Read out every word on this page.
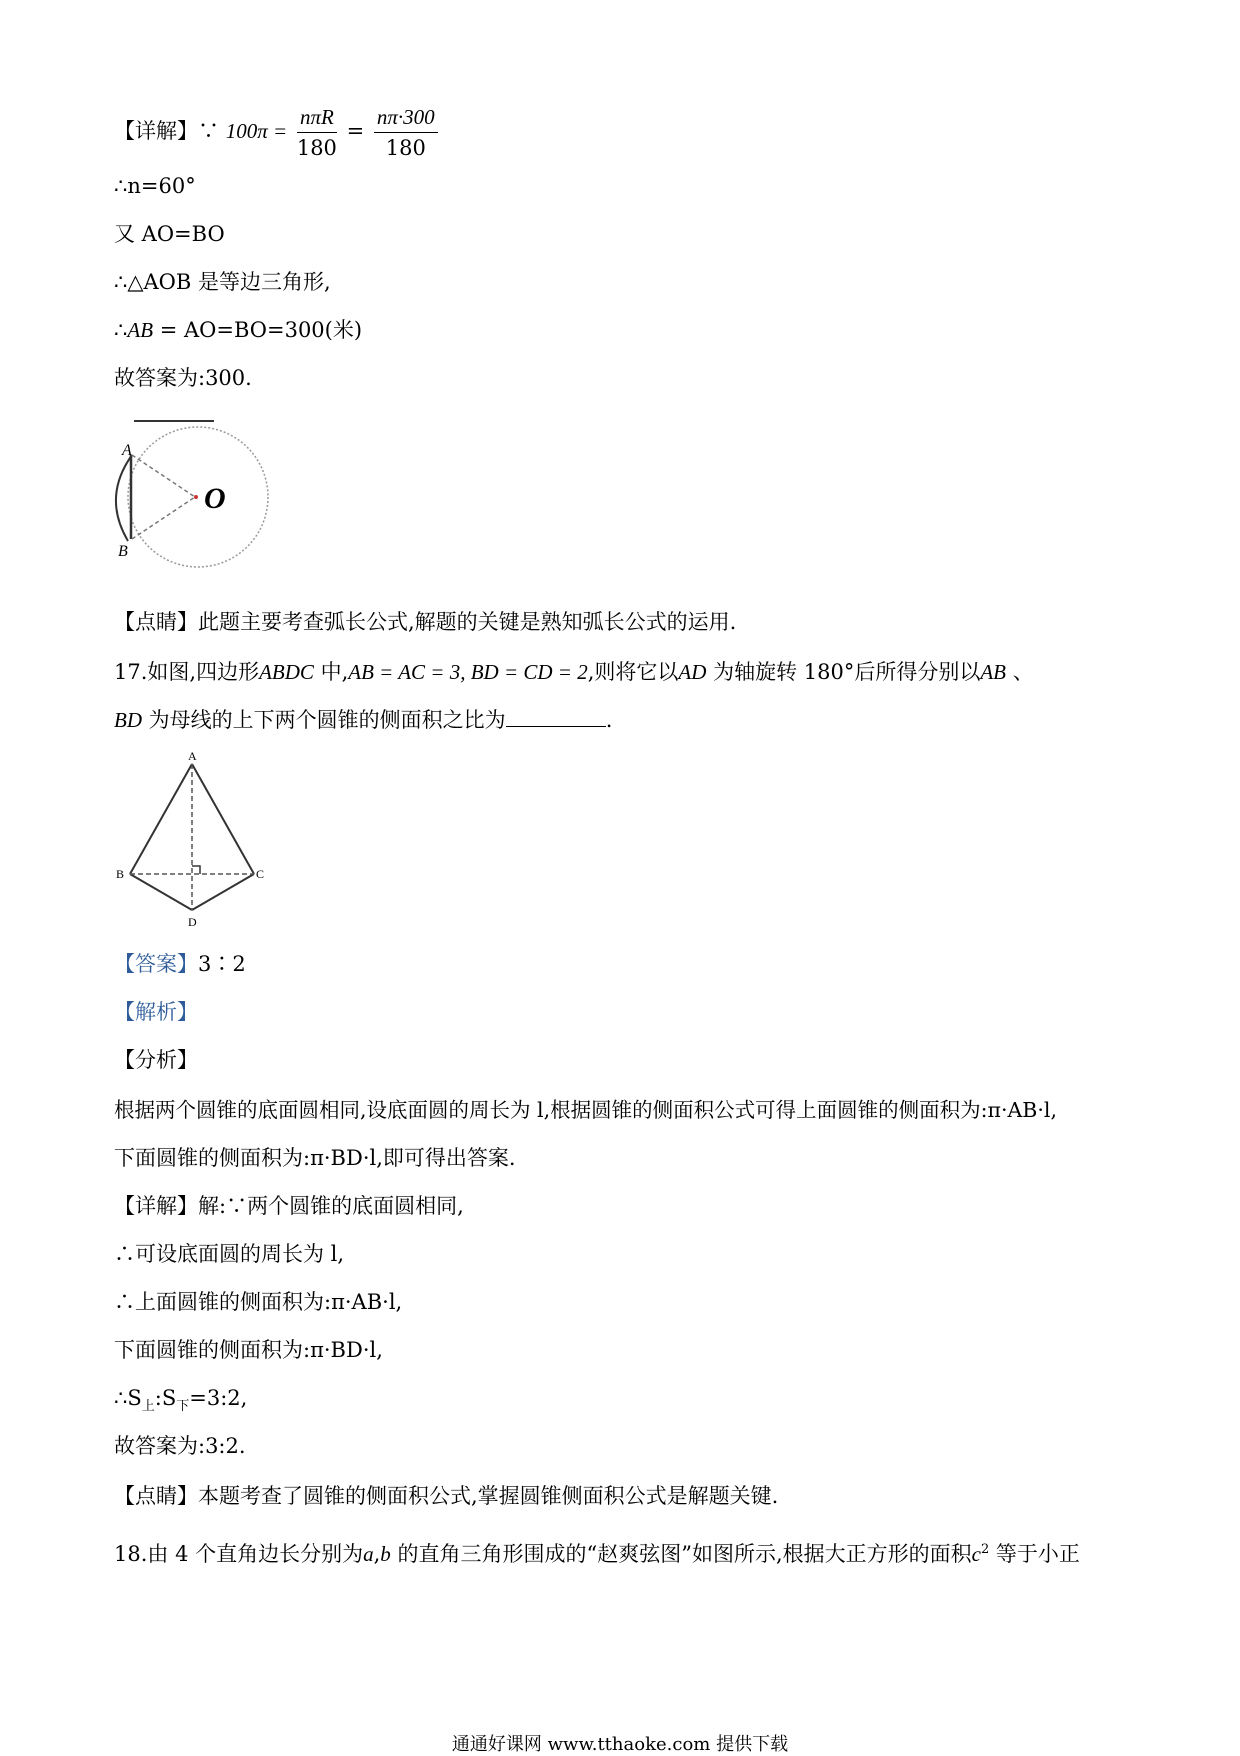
【详解】∵ $100\pi = \frac{\text{nπR}}{180} = \frac{n\pi\cdot 300}{180}$
∴n=60°
又 AO=BO
∴△AOB 是等边三角形,
∴AB = AO=BO=300(米)
故答案为:300.
A
B
O
【点睛】此题主要考查弧长公式,解题的关键是熟知弧长公式的运用.
17.如图,四边形ABDC 中,AB = AC = 3, BD = CD = 2,则将它以AD 为轴旋转 180°后所得分别以AB 、
BD 为母线的上下两个圆锥的侧面积之比为	.
A
B	C
D
【答案】3∶2
【解析】
【分析】
根据两个圆锥的底面圆相同,设底面圆的周长为 l,根据圆锥的侧面积公式可得上面圆锥的侧面积为:π·AB·l,
下面圆锥的侧面积为:π·BD·l,即可得出答案.
【详解】解:∵两个圆锥的底面圆相同,
∴可设底面圆的周长为 l,
∴上面圆锥的侧面积为:π·AB·l,
下面圆锥的侧面积为:π·BD·l,
$\therefore S_上:S_下=3:2$,
故答案为:3:2.
【点睛】本题考查了圆锥的侧面积公式,掌握圆锥侧面积公式是解题关键.
18.由 4 个直角边长分别为a,b 的直角三角形围成的“赵爽弦图”如图所示,根据大正方形的面积$c^2$ 等于小正
通通好课网 www.tthaoke.com 提供下载
